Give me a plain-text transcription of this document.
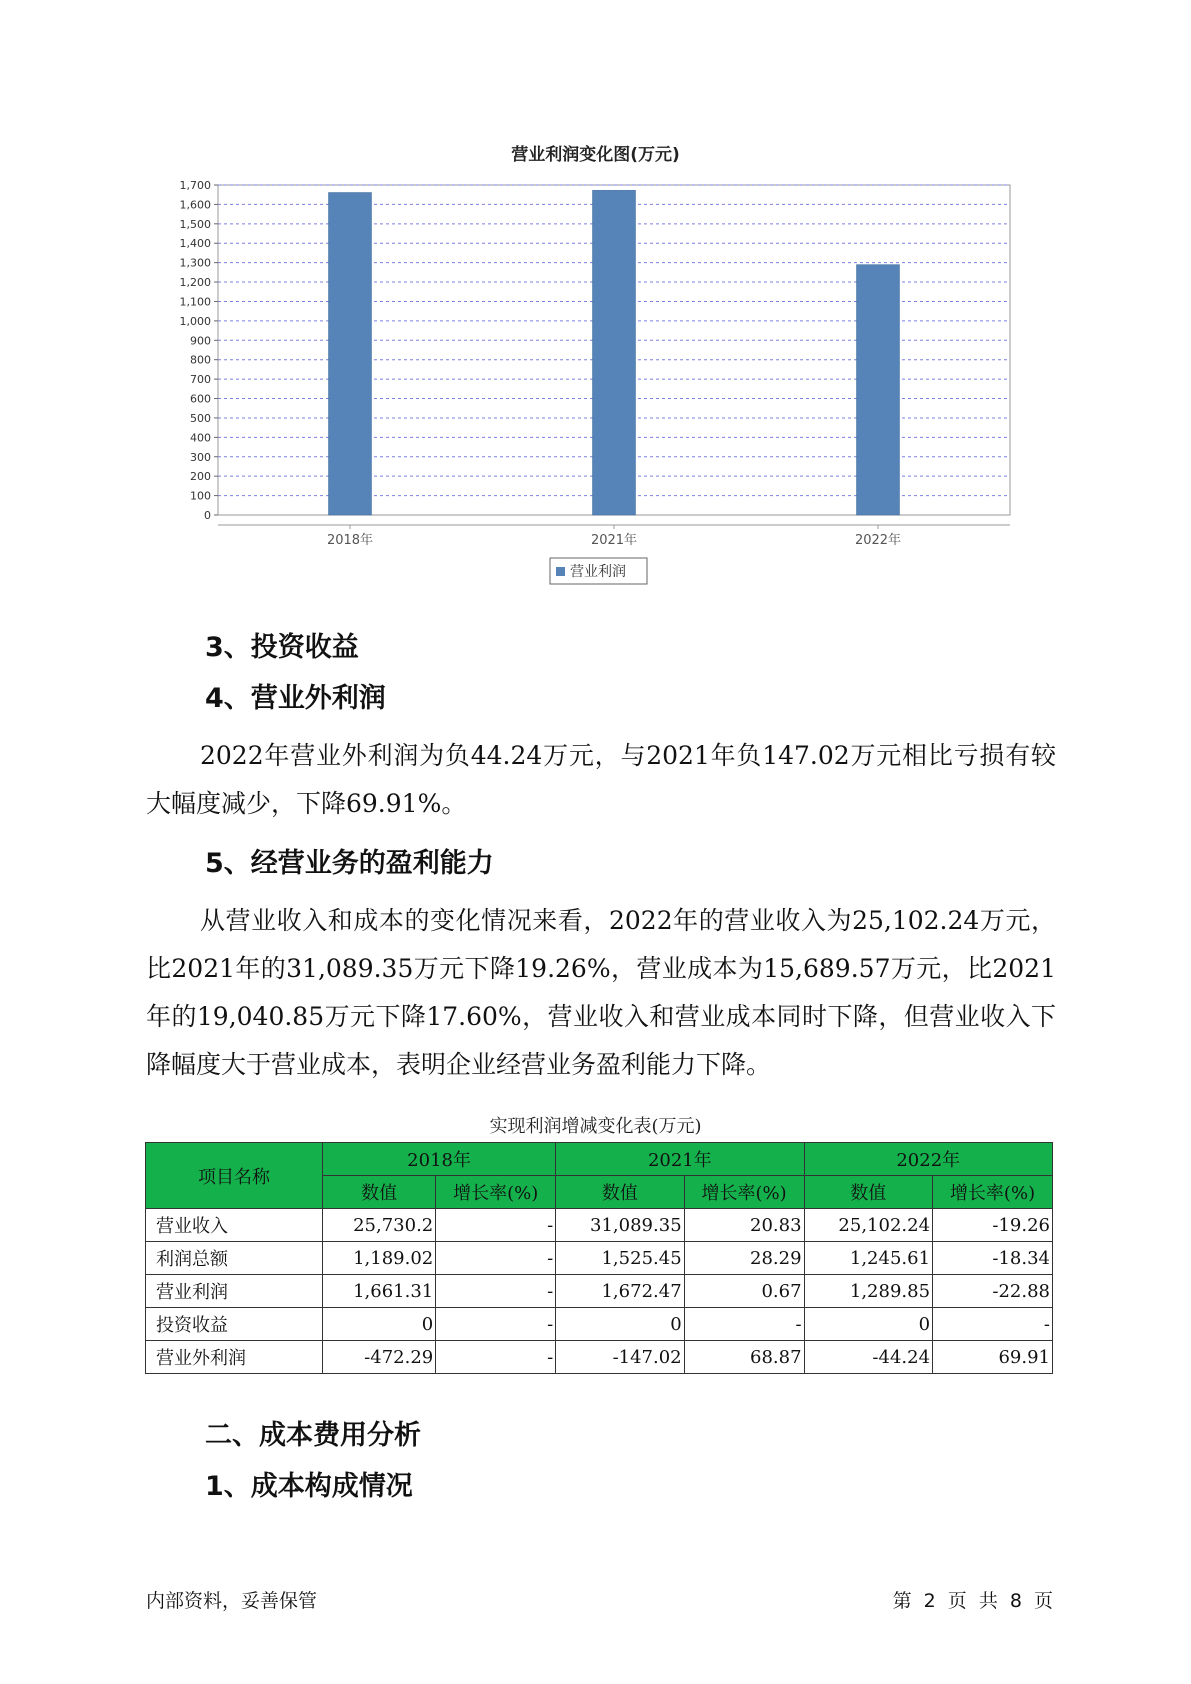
营业利润变化图(万元)
0
100
200
300
400
500
600
700
800
900
1,000
1,100
1,200
1,300
1,400
1,500
1,600
1,700
2018年	2021年	2022年
营业利润
3、投资收益
4、营业外利润

2022年营业外利润为负44.24万元，与2021年负147.02万元相比亏损有较大幅度减少，下降69.91%。

5、经营业务的盈利能力

从营业收入和成本的变化情况来看，2022年的营业收入为25,102.24万元，比2021年的31,089.35万元下降19.26%，营业成本为15,689.57万元，比2021年的19,040.85万元下降17.60%，营业收入和营业成本同时下降，但营业收入下降幅度大于营业成本，表明企业经营业务盈利能力下降。

实现利润增减变化表(万元)
项目名称	2018年		2021年		2022年	
	数值	增长率(%)	数值	增长率(%)	数值	增长率(%)
营业收入	25,730.2	-	31,089.35	20.83	25,102.24	-19.26
利润总额	1,189.02	-	1,525.45	28.29	1,245.61	-18.34
营业利润	1,661.31	-	1,672.47	0.67	1,289.85	-22.88
投资收益	0	-	0	-	0	-
营业外利润	-472.29	-	-147.02	68.87	-44.24	69.91
二、成本费用分析
1、成本构成情况
内部资料，妥善保管	第 2 页 共 8 页
